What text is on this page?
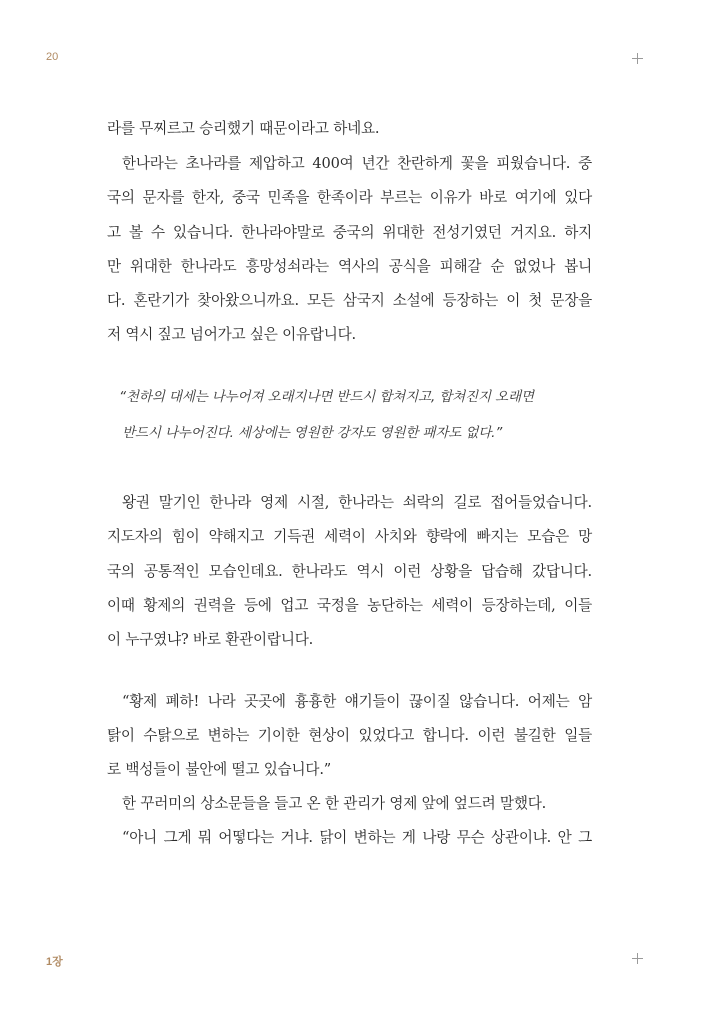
20
라를 무찌르고 승리했기 때문이라고 하네요.
한나라는 초나라를 제압하고 400여 년간 찬란하게 꽃을 피웠습니다. 중
국의 문자를 한자, 중국 민족을 한족이라 부르는 이유가 바로 여기에 있다
고 볼 수 있습니다. 한나라야말로 중국의 위대한 전성기였던 거지요. 하지
만 위대한 한나라도 흥망성쇠라는 역사의 공식을 피해갈 순 없었나 봅니
다. 혼란기가 찾아왔으니까요. 모든 삼국지 소설에 등장하는 이 첫 문장을
저 역시 짚고 넘어가고 싶은 이유랍니다.
“천하의 대세는 나누어져 오래지나면 반드시 합쳐지고, 합쳐진지 오래면
반드시 나누어진다. 세상에는 영원한 강자도 영원한 패자도 없다.”
왕권 말기인 한나라 영제 시절, 한나라는 쇠락의 길로 접어들었습니다.
지도자의 힘이 약해지고 기득권 세력이 사치와 향락에 빠지는 모습은 망
국의 공통적인 모습인데요. 한나라도 역시 이런 상황을 답습해 갔답니다.
이때 황제의 권력을 등에 업고 국정을 농단하는 세력이 등장하는데, 이들
이 누구였냐? 바로 환관이랍니다.
“황제 폐하! 나라 곳곳에 흉흉한 얘기들이 끊이질 않습니다. 어제는 암
탉이 수탉으로 변하는 기이한 현상이 있었다고 합니다. 이런 불길한 일들
로 백성들이 불안에 떨고 있습니다.”
한 꾸러미의 상소문들을 들고 온 한 관리가 영제 앞에 엎드려 말했다.
“아니 그게 뭐 어떻다는 거냐. 닭이 변하는 게 나랑 무슨 상관이냐. 안 그
1장
